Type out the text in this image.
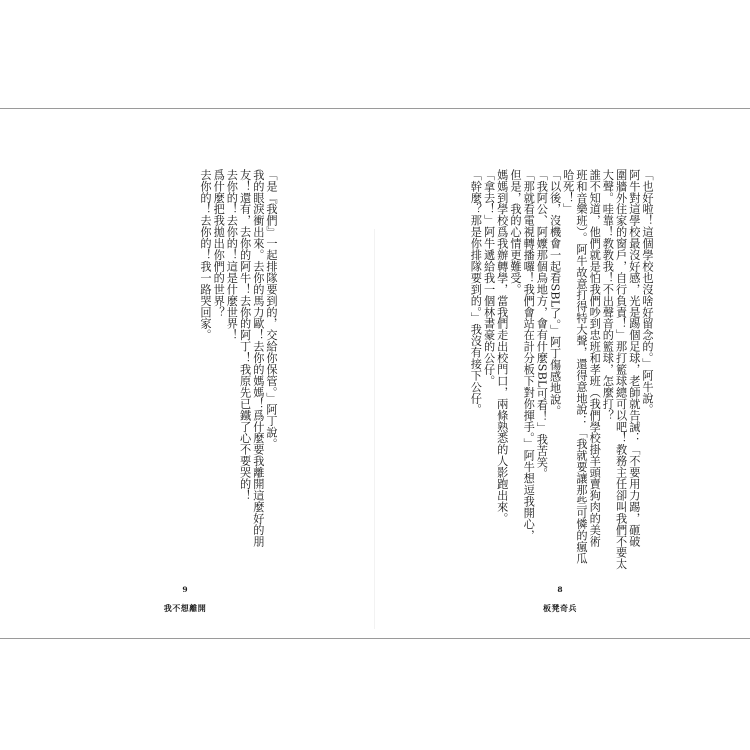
「是『我們』一起排隊要到的，交給你保管。」阿丁說。
我的眼淚衝出來。去你的馬力歐！去你的媽媽！爲什麼要我離開這麼好的朋
友！還有，去你的阿牛！去你的阿丁！我原先已鐵了心不要哭的！
去你的！去你的！這是什麼世界！
爲什麼把我拋出你們的世界？
去你的！去你的！我一路哭回家。
9
我不想離開
「也好啦！這個學校也沒啥好留念的。」阿牛說。
阿牛對這學校最沒好感，光是踢個足球，老師就告誡：「不要用力踢，砸破
圍牆外住家的窗戶，自行負責！」那打籃球總可以吧！教務主任卻叫我們不要太
大聲。哇靠！教教我！不出聲音的籃球，怎麼打？
誰不知道，他們就是怕我們吵到忠班和孝班（我們學校掛羊頭賣狗肉的美術
班和音樂班）。阿牛故意打得特大聲，還得意地說：「我就要讓那些可憐的瘋瓜
哈死！」
「以後，沒機會一起看SBL了。」阿丁傷感地說。
「我阿公、阿嬤那個鳥地方，會有什麼SBL可看！」我苦笑。
「那就看電視轉播囉！我們會站在計分板下對你揮手。」阿牛想逗我開心，
但是，我的心情更難受。
媽媽到學校爲我辦轉學，當我們走出校門口，兩條熟悉的人影跑出來。
「拿去！」阿牛遞給我一個林書豪的公仔。
「幹麼？那是你排隊要到的。」我沒有接下公仔。
8
板凳奇兵
